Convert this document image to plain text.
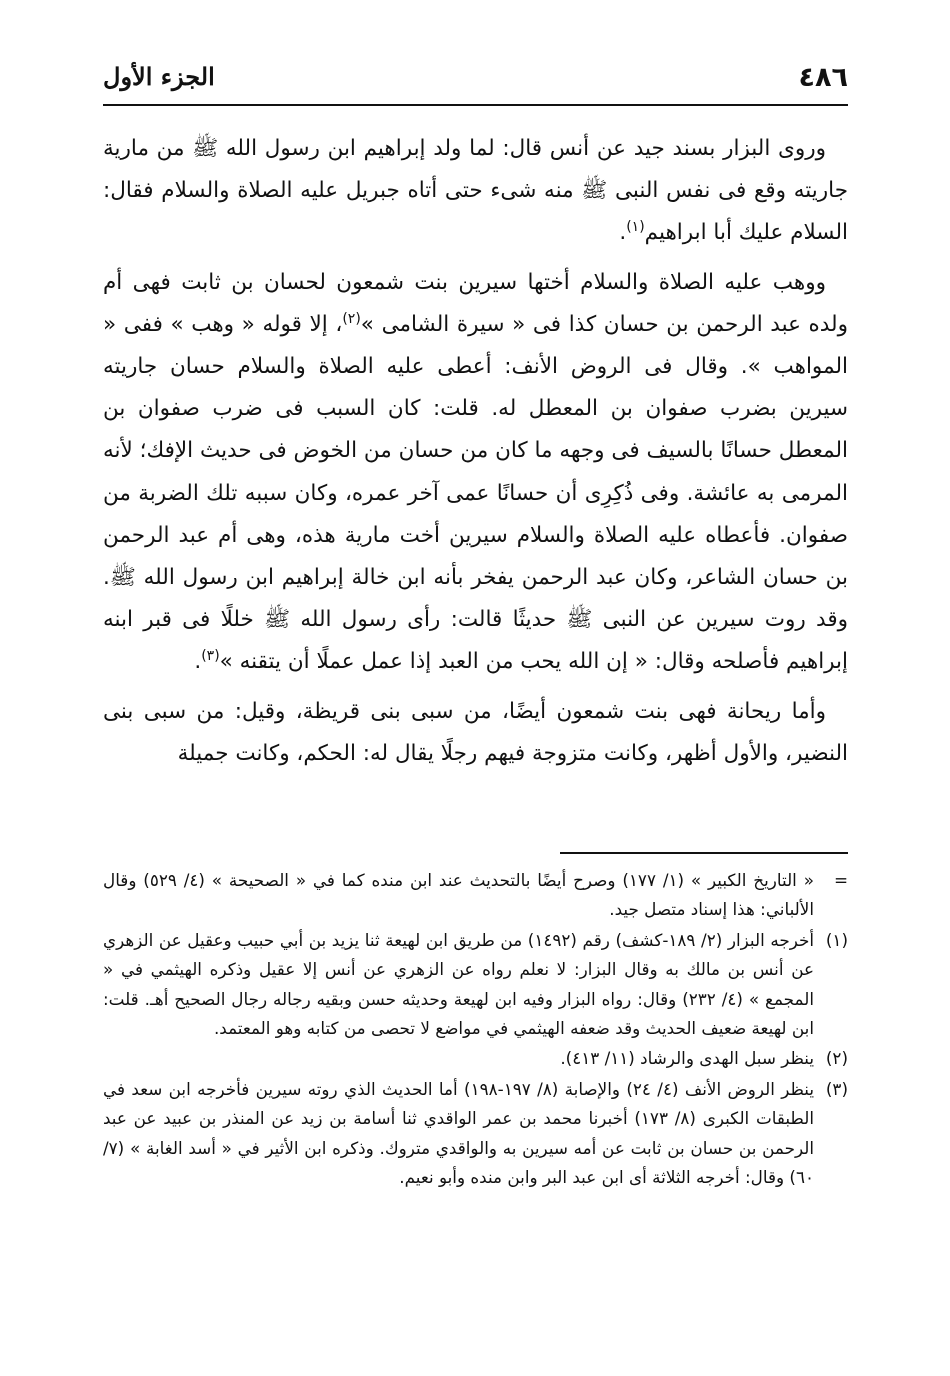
٤٨٦
الجزء الأول

وروى البزار بسند جيد عن أنس قال: لما ولد إبراهيم ابن رسول الله ﷺ من مارية جاريته وقع فى نفس النبى ﷺ منه شىء حتى أتاه جبريل عليه الصلاة والسلام فقال: السلام عليك أبا ابراهيم$^{(١)}$.

ووهب عليه الصلاة والسلام أختها سيرين بنت شمعون لحسان بن ثابت فهى أم ولده عبد الرحمن بن حسان كذا فى « سيرة الشامى »$^{(٢)}$، إلا قوله « وهب » ففى « المواهب ». وقال فى الروض الأنف: أعطى عليه الصلاة والسلام حسان جاريته سيرين بضرب صفوان بن المعطل له. قلت: كان السبب فى ضرب صفوان بن المعطل حسانًا بالسيف فى وجهه ما كان من حسان من الخوض فى حديث الإفك؛ لأنه المرمى به عائشة. وفى ذُكِرِى أن حسانًا عمى آخر عمره، وكان سببه تلك الضربة من صفوان. فأعطاه عليه الصلاة والسلام سيرين أخت مارية هذه، وهى أم عبد الرحمن بن حسان الشاعر، وكان عبد الرحمن يفخر بأنه ابن خالة إبراهيم ابن رسول الله ﷺ. وقد روت سيرين عن النبى ﷺ حديثًا قالت: رأى رسول الله ﷺ خللًا فى قبر ابنه إبراهيم فأصلحه وقال: « إن الله يحب من العبد إذا عمل عملًا أن يتقنه »$^{(٣)}$.

وأما ريحانة فهى بنت شمعون أيضًا، من سبى بنى قريظة، وقيل: من سبى بنى النضير، والأول أظهر، وكانت متزوجة فيهم رجلًا يقال له: الحكم، وكانت جميلة

=
« التاريخ الكبير » (١/ ١٧٧) وصرح أيضًا بالتحديث عند ابن منده كما في « الصحيحة » (٤/ ٥٢٩) وقال الألباني: هذا إسناد متصل جيد.
(١)
أخرجه البزار (٢/ ١٨٩-كشف) رقم (١٤٩٢) من طريق ابن لهيعة ثنا يزيد بن أبي حبيب وعقيل عن الزهري عن أنس بن مالك به وقال البزار: لا نعلم رواه عن الزهري عن أنس إلا عقيل وذكره الهيثمي في « المجمع » (٤/ ٢٣٢) وقال: رواه البزار وفيه ابن لهيعة وحديثه حسن وبقيه رجاله رجال الصحيح أهـ. قلت: ابن لهيعة ضعيف الحديث وقد ضعفه الهيثمي في مواضع لا تحصى من كتابه وهو المعتمد.
(٢)
ينظر سبل الهدى والرشاد (١١/ ٤١٣).
(٣)
ينظر الروض الأنف (٤/ ٢٤) والإصابة (٨/ ١٩٧-١٩٨) أما الحديث الذي روته سيرين فأخرجه ابن سعد في الطبقات الكبرى (٨/ ١٧٣) أخبرنا محمد بن عمر الواقدي ثنا أسامة بن زيد عن المنذر بن عبيد عن عبد الرحمن بن حسان بن ثابت عن أمه سيرين به والواقدي متروك. وذكره ابن الأثير في « أسد الغابة » (٧/ ٦٠) وقال: أخرجه الثلاثة أى ابن عبد البر وابن منده وأبو نعيم.
